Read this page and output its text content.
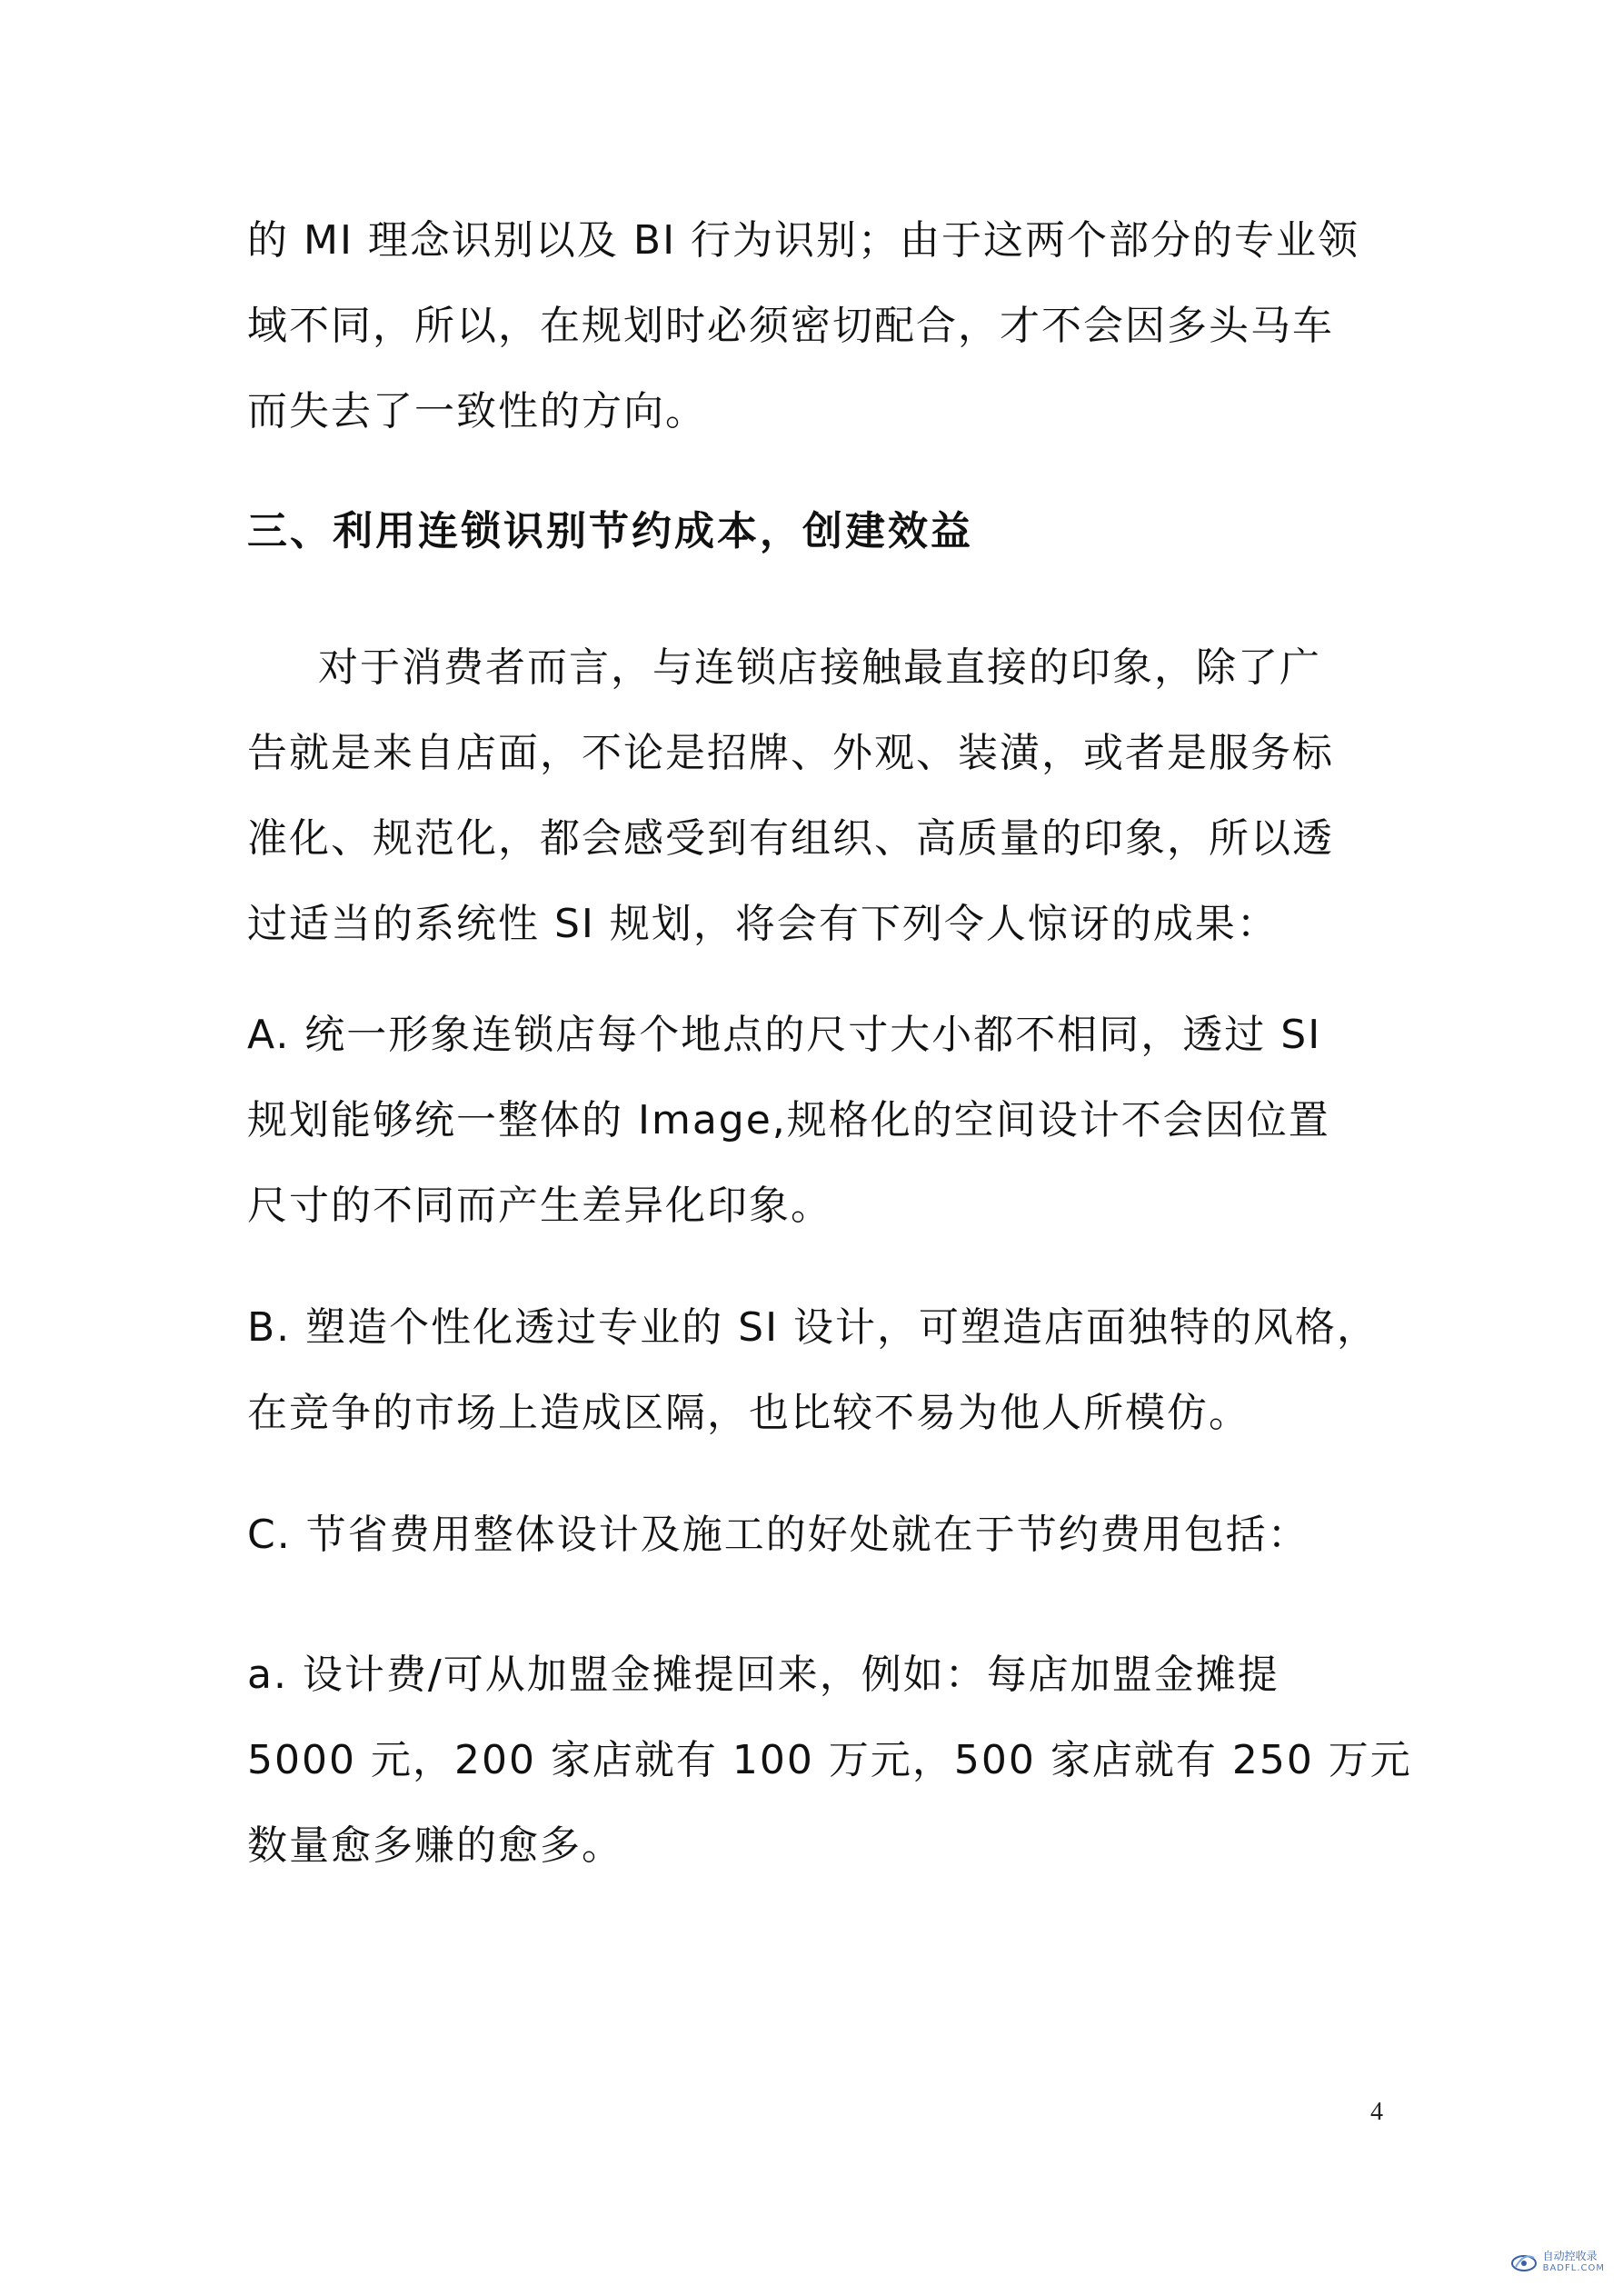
的 MI 理念识别以及 BI 行为识别；由于这两个部分的专业领
域不同，所以，在规划时必须密切配合，才不会因多头马车
而失去了一致性的方向。
三、利用连锁识别节约成本，创建效益
对于消费者而言，与连锁店接触最直接的印象，除了广
告就是来自店面，不论是招牌、外观、装潢，或者是服务标
准化、规范化，都会感受到有组织、高质量的印象，所以透
过适当的系统性 SI 规划，将会有下列令人惊讶的成果：
A. 统一形象连锁店每个地点的尺寸大小都不相同，透过 SI
规划能够统一整体的 Image,规格化的空间设计不会因位置
尺寸的不同而产生差异化印象。
B. 塑造个性化透过专业的 SI 设计，可塑造店面独特的风格，
在竞争的市场上造成区隔，也比较不易为他人所模仿。
C. 节省费用整体设计及施工的好处就在于节约费用包括：
a. 设计费/可从加盟金摊提回来，例如：每店加盟金摊提
5000 元，200 家店就有 100 万元，500 家店就有 250 万元
数量愈多赚的愈多。
4
自动控收录
BADFL.COM
